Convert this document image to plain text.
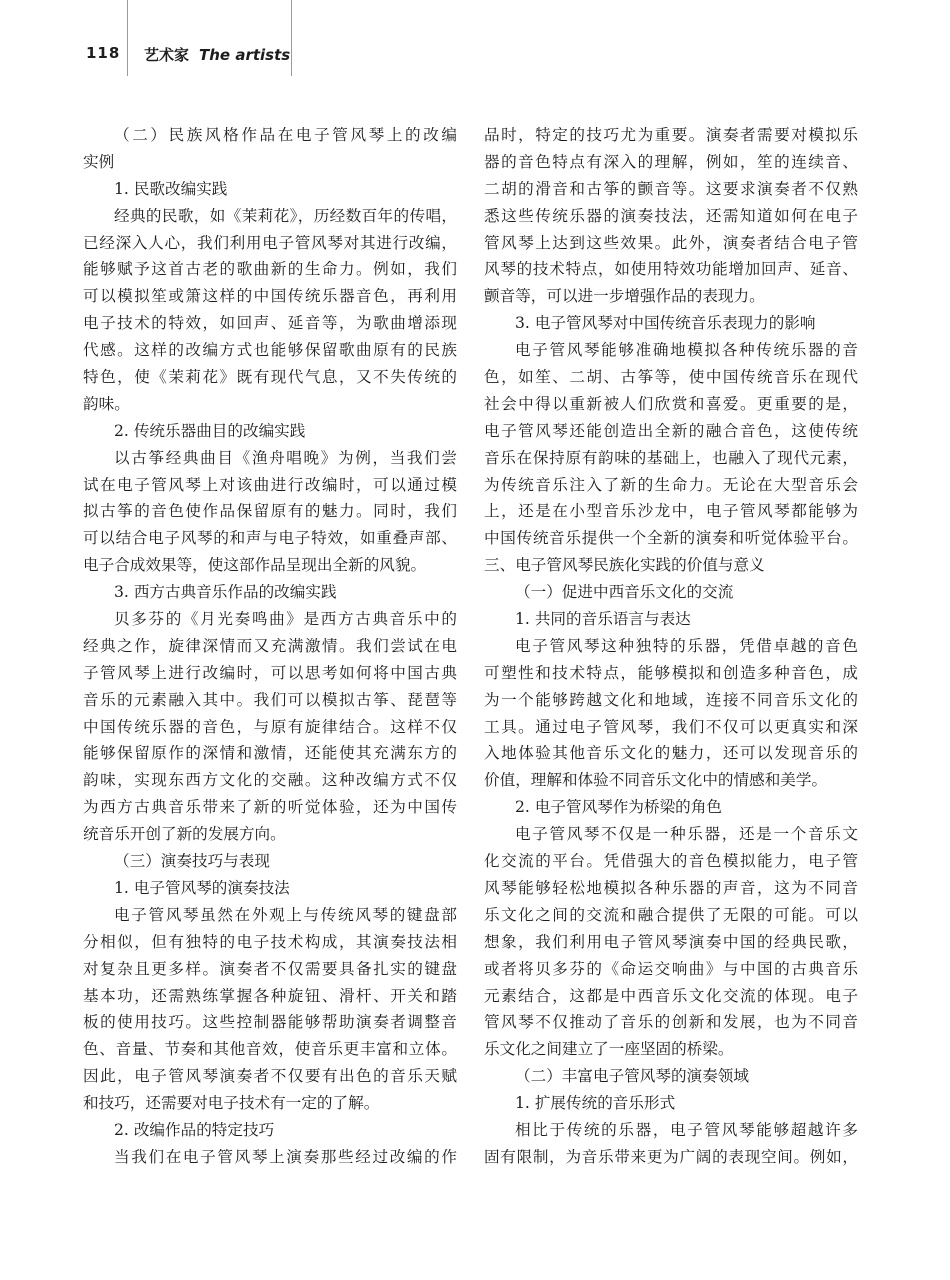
118 艺术家 The artists
（二）民族风格作品在电子管风琴上的改编
实例
1. 民歌改编实践
经典的民歌，如《茉莉花》，历经数百年的传唱，
已经深入人心，我们利用电子管风琴对其进行改编，
能够赋予这首古老的歌曲新的生命力。例如，我们
可以模拟笙或箫这样的中国传统乐器音色，再利用
电子技术的特效，如回声、延音等，为歌曲增添现
代感。这样的改编方式也能够保留歌曲原有的民族
特色，使《茉莉花》既有现代气息，又不失传统的
韵味。
2. 传统乐器曲目的改编实践
以古筝经典曲目《渔舟唱晚》为例，当我们尝
试在电子管风琴上对该曲进行改编时，可以通过模
拟古筝的音色使作品保留原有的魅力。同时，我们
可以结合电子风琴的和声与电子特效，如重叠声部、
电子合成效果等，使这部作品呈现出全新的风貌。
3. 西方古典音乐作品的改编实践
贝多芬的《月光奏鸣曲》是西方古典音乐中的
经典之作，旋律深情而又充满激情。我们尝试在电
子管风琴上进行改编时，可以思考如何将中国古典
音乐的元素融入其中。我们可以模拟古筝、琵琶等
中国传统乐器的音色，与原有旋律结合。这样不仅
能够保留原作的深情和激情，还能使其充满东方的
韵味，实现东西方文化的交融。这种改编方式不仅
为西方古典音乐带来了新的听觉体验，还为中国传
统音乐开创了新的发展方向。
（三）演奏技巧与表现
1. 电子管风琴的演奏技法
电子管风琴虽然在外观上与传统风琴的键盘部
分相似，但有独特的电子技术构成，其演奏技法相
对复杂且更多样。演奏者不仅需要具备扎实的键盘
基本功，还需熟练掌握各种旋钮、滑杆、开关和踏
板的使用技巧。这些控制器能够帮助演奏者调整音
色、音量、节奏和其他音效，使音乐更丰富和立体。
因此，电子管风琴演奏者不仅要有出色的音乐天赋
和技巧，还需要对电子技术有一定的了解。
2. 改编作品的特定技巧
当我们在电子管风琴上演奏那些经过改编的作
品时，特定的技巧尤为重要。演奏者需要对模拟乐
器的音色特点有深入的理解，例如，笙的连续音、
二胡的滑音和古筝的颤音等。这要求演奏者不仅熟
悉这些传统乐器的演奏技法，还需知道如何在电子
管风琴上达到这些效果。此外，演奏者结合电子管
风琴的技术特点，如使用特效功能增加回声、延音、
颤音等，可以进一步增强作品的表现力。
3. 电子管风琴对中国传统音乐表现力的影响
电子管风琴能够准确地模拟各种传统乐器的音
色，如笙、二胡、古筝等，使中国传统音乐在现代
社会中得以重新被人们欣赏和喜爱。更重要的是，
电子管风琴还能创造出全新的融合音色，这使传统
音乐在保持原有韵味的基础上，也融入了现代元素，
为传统音乐注入了新的生命力。无论在大型音乐会
上，还是在小型音乐沙龙中，电子管风琴都能够为
中国传统音乐提供一个全新的演奏和听觉体验平台。
三、电子管风琴民族化实践的价值与意义
（一）促进中西音乐文化的交流
1. 共同的音乐语言与表达
电子管风琴这种独特的乐器，凭借卓越的音色
可塑性和技术特点，能够模拟和创造多种音色，成
为一个能够跨越文化和地域，连接不同音乐文化的
工具。通过电子管风琴，我们不仅可以更真实和深
入地体验其他音乐文化的魅力，还可以发现音乐的
价值，理解和体验不同音乐文化中的情感和美学。
2. 电子管风琴作为桥梁的角色
电子管风琴不仅是一种乐器，还是一个音乐文
化交流的平台。凭借强大的音色模拟能力，电子管
风琴能够轻松地模拟各种乐器的声音，这为不同音
乐文化之间的交流和融合提供了无限的可能。可以
想象，我们利用电子管风琴演奏中国的经典民歌，
或者将贝多芬的《命运交响曲》与中国的古典音乐
元素结合，这都是中西音乐文化交流的体现。电子
管风琴不仅推动了音乐的创新和发展，也为不同音
乐文化之间建立了一座坚固的桥梁。
（二）丰富电子管风琴的演奏领域
1. 扩展传统的音乐形式
相比于传统的乐器，电子管风琴能够超越许多
固有限制，为音乐带来更为广阔的表现空间。例如，
